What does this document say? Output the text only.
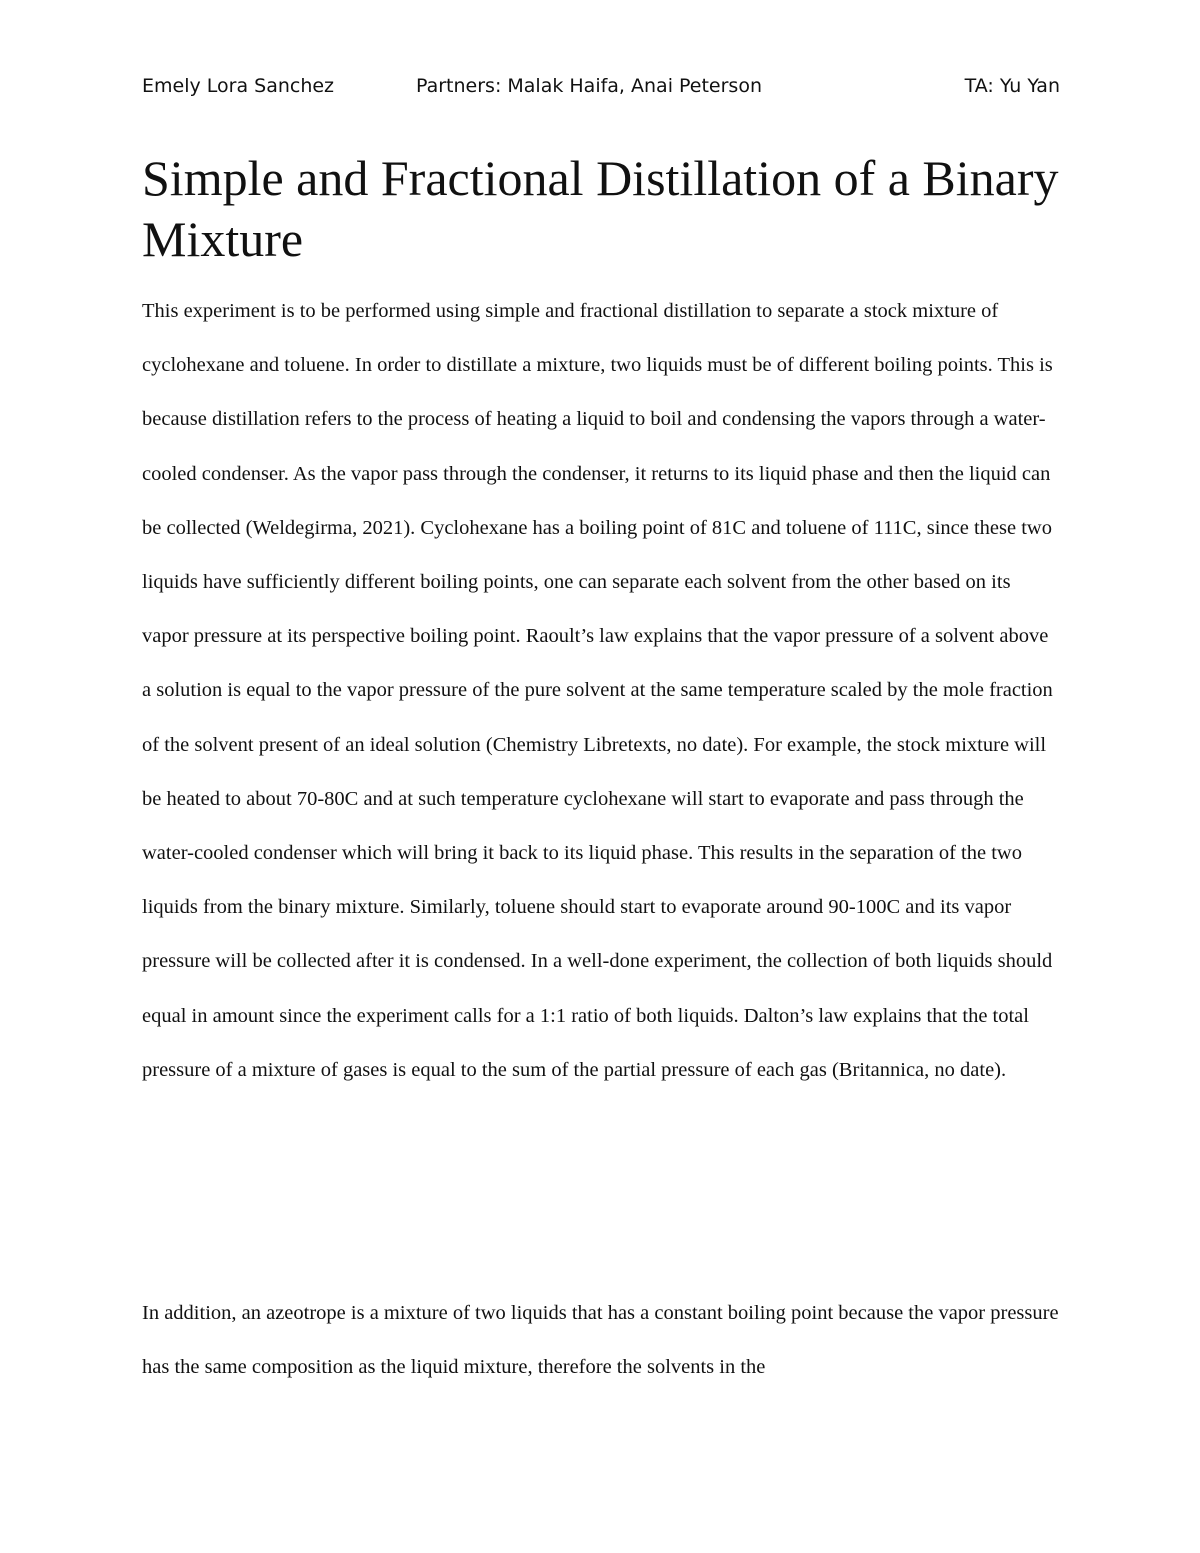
Emely Lora Sanchez	Partners: Malak Haifa, Anai Peterson	TA: Yu Yan
Simple and Fractional Distillation of a Binary Mixture

This experiment is to be performed using simple and fractional distillation to separate a stock mixture of cyclohexane and toluene. In order to distillate a mixture, two liquids must be of different boiling points. This is because distillation refers to the process of heating a liquid to boil and condensing the vapors through a water-cooled condenser. As the vapor pass through the condenser, it returns to its liquid phase and then the liquid can be collected (Weldegirma, 2021). Cyclohexane has a boiling point of 81C and toluene of 111C, since these two liquids have sufficiently different boiling points, one can separate each solvent from the other based on its vapor pressure at its perspective boiling point. Raoult’s law explains that the vapor pressure of a solvent above a solution is equal to the vapor pressure of the pure solvent at the same temperature scaled by the mole fraction of the solvent present of an ideal solution (Chemistry Libretexts, no date). For example, the stock mixture will be heated to about 70-80C and at such temperature cyclohexane will start to evaporate and pass through the water-cooled condenser which will bring it back to its liquid phase. This results in the separation of the two liquids from the binary mixture. Similarly, toluene should start to evaporate around 90-100C and its vapor pressure will be collected after it is condensed. In a well-done experiment, the collection of both liquids should equal in amount since the experiment calls for a 1:1 ratio of both liquids. Dalton’s law explains that the total pressure of a mixture of gases is equal to the sum of the partial pressure of each gas (Britannica, no date).

In addition, an azeotrope is a mixture of two liquids that has a constant boiling point because the vapor pressure has the same composition as the liquid mixture, therefore the solvents in the
